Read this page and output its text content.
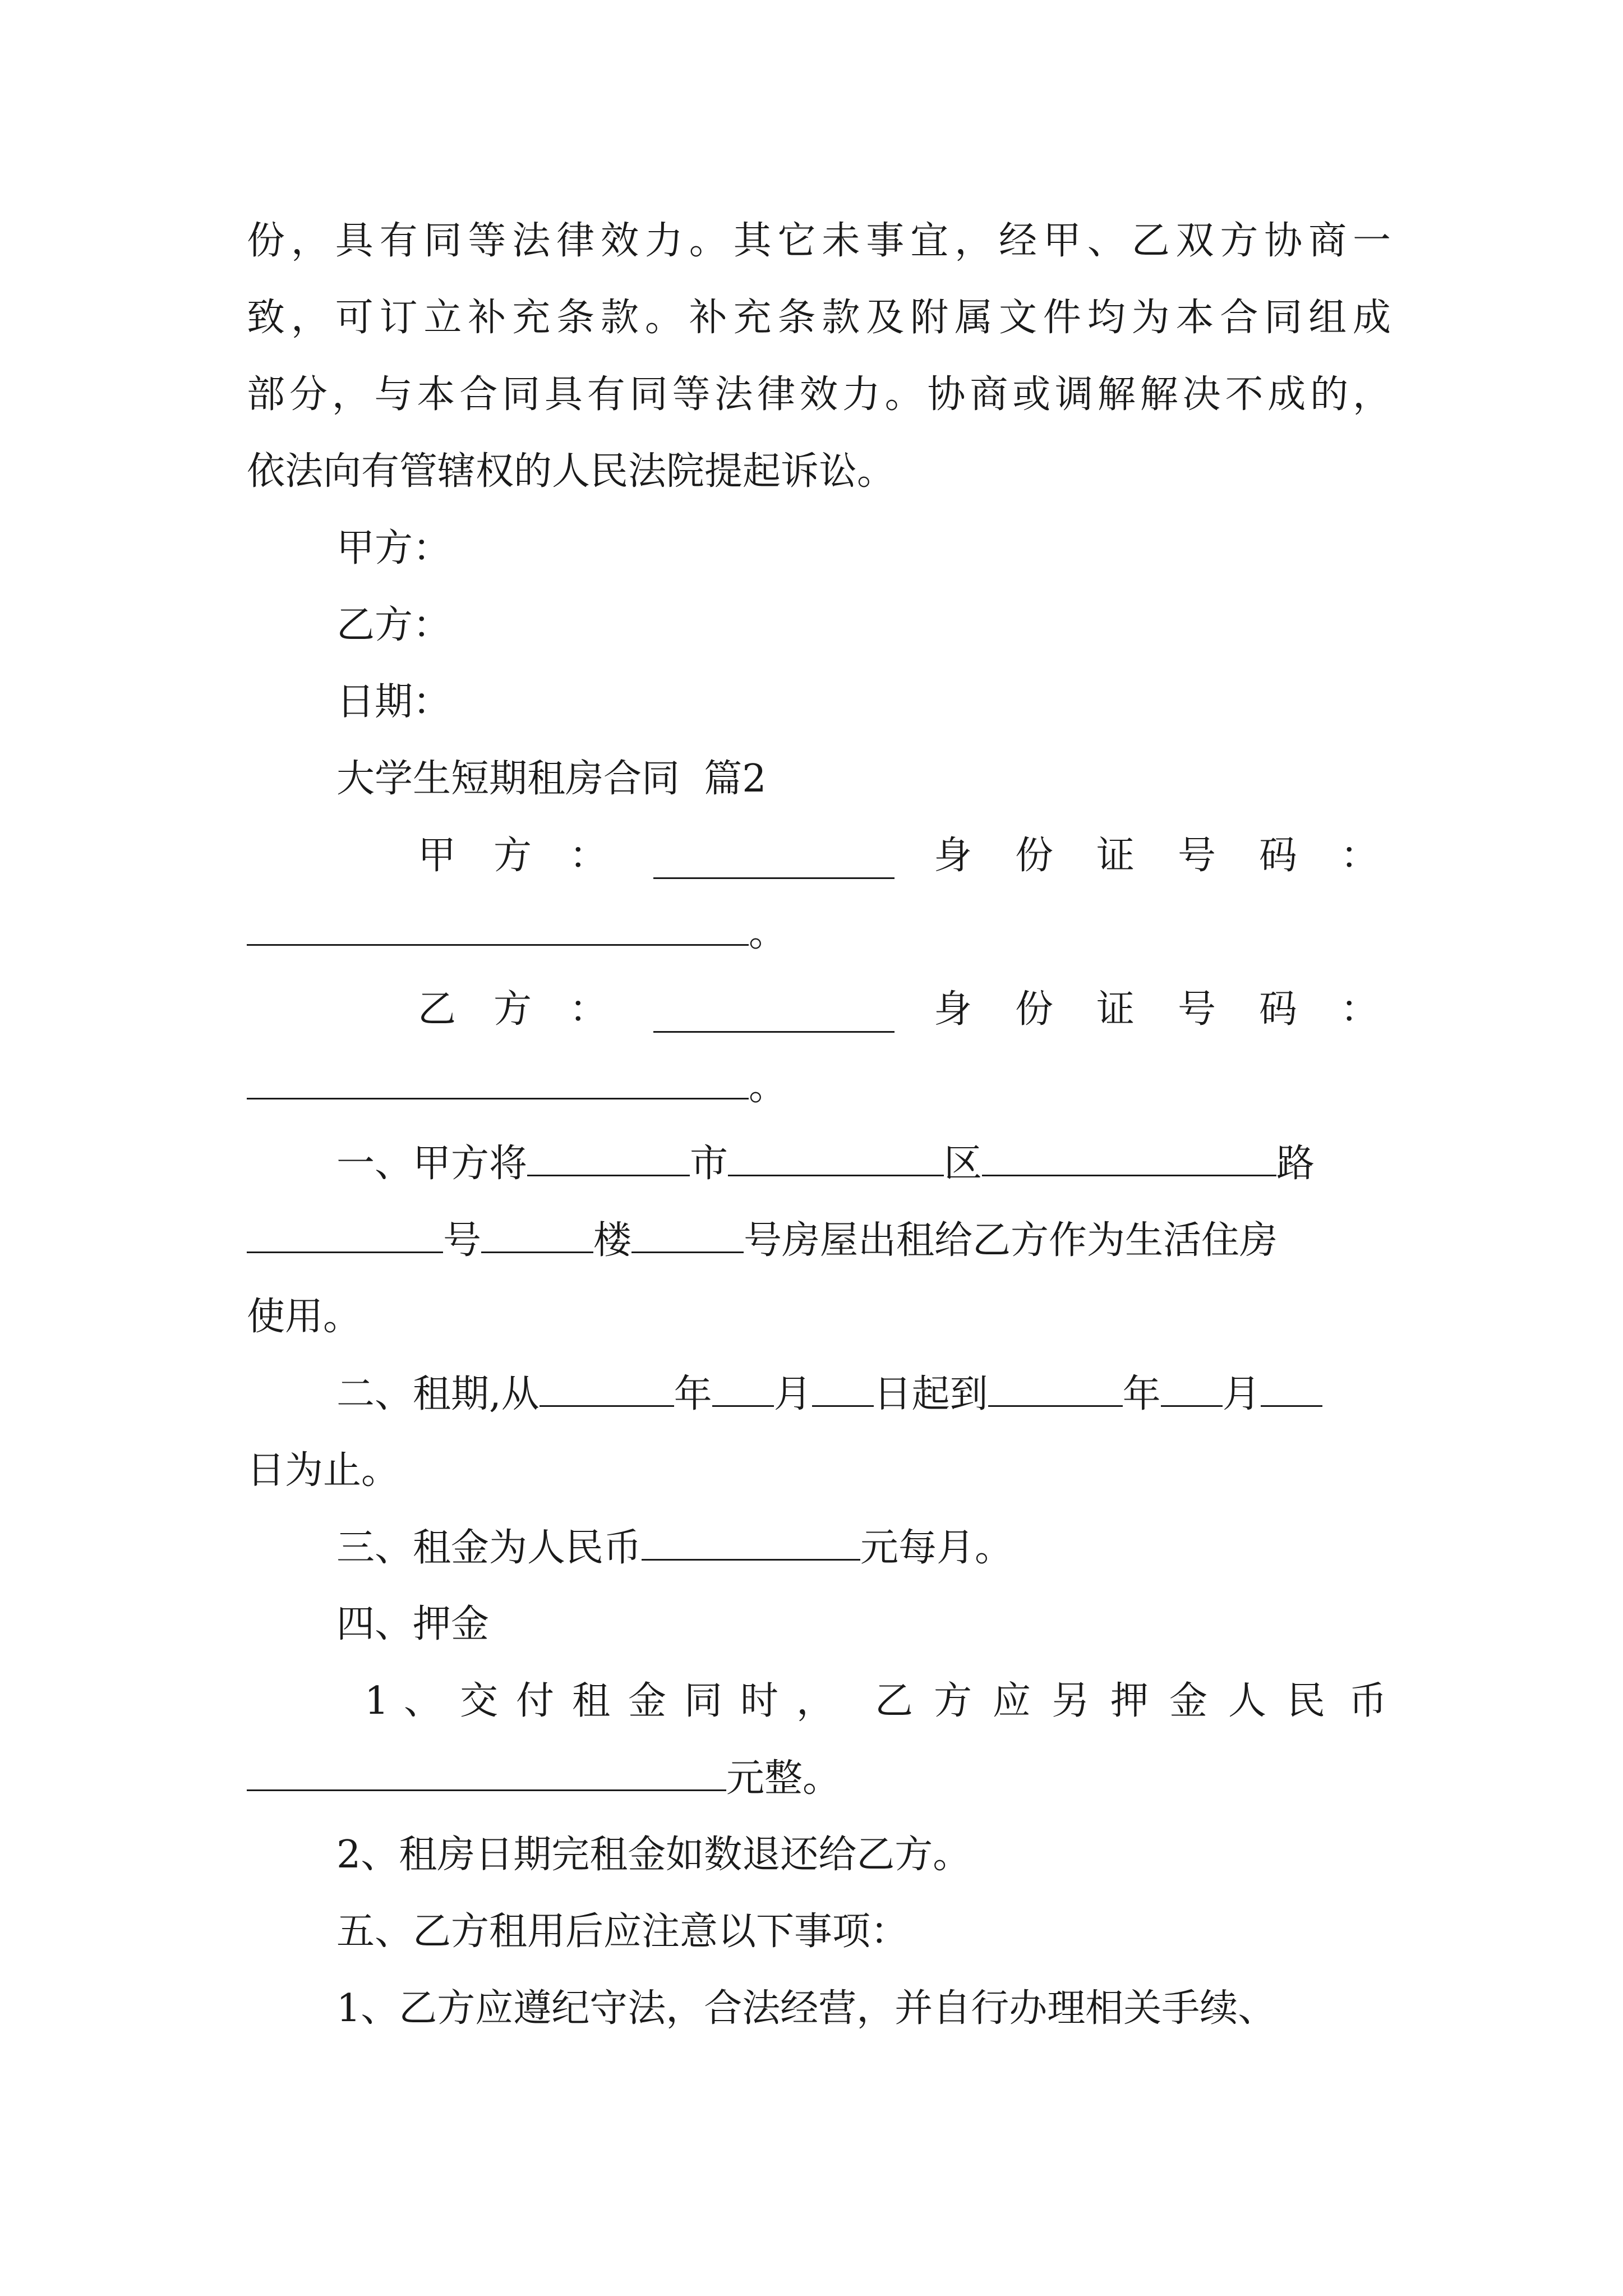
份，具有同等法律效力。其它未事宜，经甲、乙双方协商一
致，可订立补充条款。补充条款及附属文件均为本合同组成
部分，与本合同具有同等法律效力。协商或调解解决不成的，
依法向有管辖权的人民法院提起诉讼。
甲方：
乙方：
日期：
大学生短期租房合同  篇2
甲 方 ：	身 份 证 号 码 ：
。
乙 方 ：	身 份 证 号 码 ：
。
一、甲方将	市	区	路
号	楼	号房屋出租给乙方作为生活住房
使用。
二、租期,从	年 月 日起到	年 月
日为止。
三、租金为人民币	元每月。
四、押金
1 、 交 付 租 金 同 时 ， 乙 方 应 另 押 金 人 民 币
元整。
2、租房日期完租金如数退还给乙方。
五、乙方租用后应注意以下事项：
1、乙方应遵纪守法，合法经营，并自行办理相关手续、
